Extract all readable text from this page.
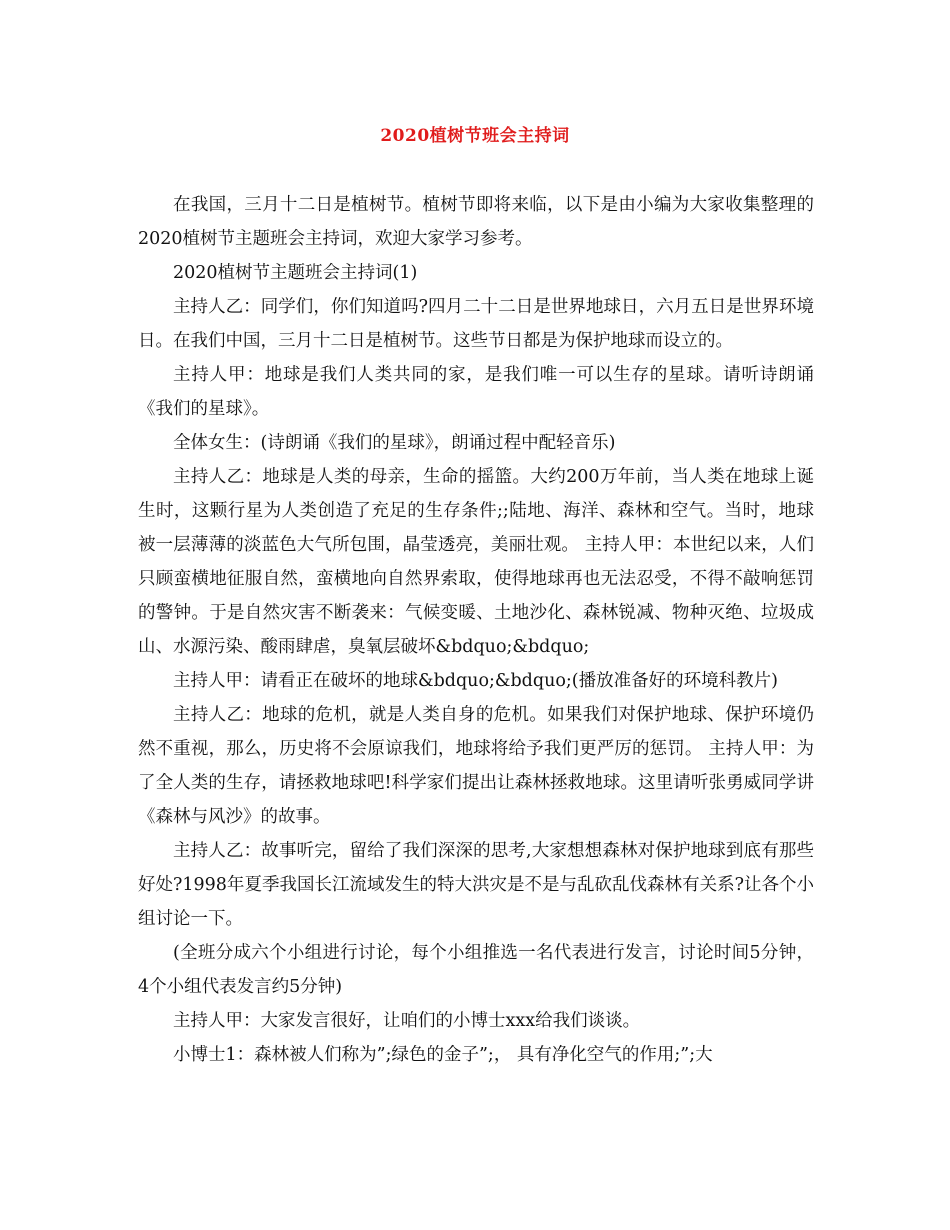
2020植树节班会主持词

在我国，三月十二日是植树节。植树节即将来临，以下是由小编为大家收集整理的2020植树节主题班会主持词，欢迎大家学习参考。

2020植树节主题班会主持词(1)

主持人乙：同学们，你们知道吗?四月二十二日是世界地球日，六月五日是世界环境日。在我们中国，三月十二日是植树节。这些节日都是为保护地球而设立的。

主持人甲：地球是我们人类共同的家，是我们唯一可以生存的星球。请听诗朗诵《我们的星球》。

全体女生：(诗朗诵《我们的星球》，朗诵过程中配轻音乐)

主持人乙：地球是人类的母亲，生命的摇篮。大约200万年前，当人类在地球上诞生时，这颗行星为人类创造了充足的生存条件;;陆地、海洋、森林和空气。当时，地球被一层薄薄的淡蓝色大气所包围，晶莹透亮，美丽壮观。 主持人甲：本世纪以来，人们只顾蛮横地征服自然，蛮横地向自然界索取，使得地球再也无法忍受，不得不敲响惩罚的警钟。于是自然灾害不断袭来：气候变暖、土地沙化、森林锐减、物种灭绝、垃圾成山、水源污染、酸雨肆虐，臭氧层破坏&bdquo;&bdquo;

主持人甲：请看正在破坏的地球&bdquo;&bdquo;(播放准备好的环境科教片)

主持人乙：地球的危机，就是人类自身的危机。如果我们对保护地球、保护环境仍然不重视，那么，历史将不会原谅我们，地球将给予我们更严厉的惩罚。 主持人甲：为了全人类的生存，请拯救地球吧!科学家们提出让森林拯救地球。这里请听张勇威同学讲《森林与风沙》的故事。

主持人乙：故事听完，留给了我们深深的思考,大家想想森林对保护地球到底有那些好处?1998年夏季我国长江流域发生的特大洪灾是不是与乱砍乱伐森林有关系?让各个小组讨论一下。

(全班分成六个小组进行讨论，每个小组推选一名代表进行发言，讨论时间5分钟，4个小组代表发言约5分钟)

主持人甲：大家发言很好，让咱们的小博士xxx给我们谈谈。

小博士1：森林被人们称为”;绿色的金子”;， 具有净化空气的作用;”;大
